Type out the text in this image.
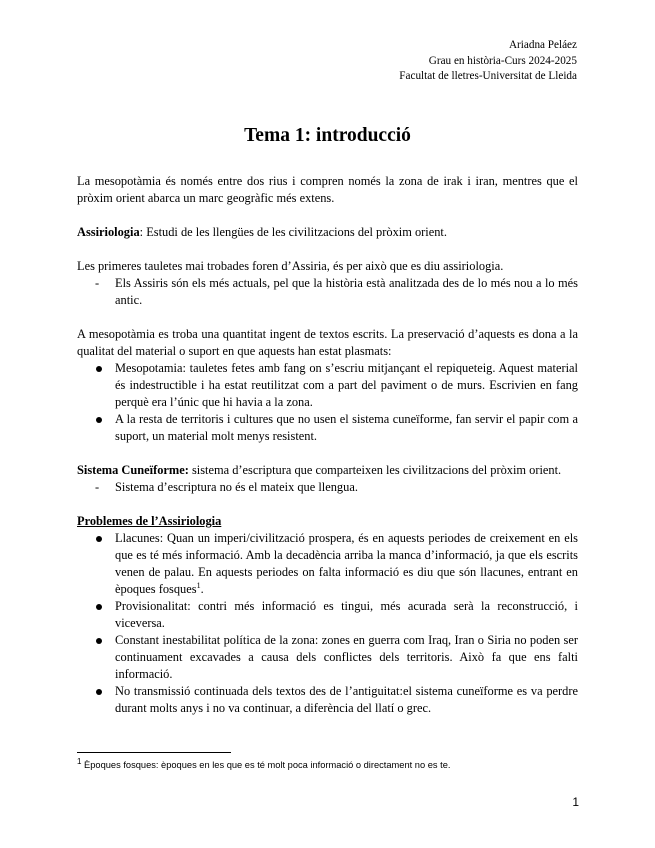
Ariadna Peláez
Grau en història-Curs 2024-2025
Facultat de lletres-Universitat de Lleida
Tema 1: introducció

La mesopotàmia és només entre dos rius i compren només la zona de irak i iran, mentres que el pròxim orient abarca un marc geogràfic més extens.

Assiriologia: Estudi de les llengües de les civilitzacions del pròxim orient.

Les primeres tauletes mai trobades foren d’Assiria, és per això que es diu assiriologia.

- Els Assiris són els més actuals, pel que la història està analitzada des de lo més nou a lo més antic.

A mesopotàmia es troba una quantitat ingent de textos escrits. La preservació d’aquests es dona a la qualitat del material o suport en que aquests han estat plasmats:

Mesopotamia: tauletes fetes amb fang on s’escriu mitjançant el repiqueteig. Aquest material és indestructible i ha estat reutilitzat com a part del paviment o de murs. Escrivien en fang perquè era l’únic que hi havia a la zona.
A la resta de territoris i cultures que no usen el sistema cuneïforme, fan servir el papir com a suport, un material molt menys resistent.

Sistema Cuneïforme: sistema d’escriptura que comparteixen les civilitzacions del pròxim orient.

- Sistema d’escriptura no és el mateix que llengua.

Problemes de l’Assiriologia

Llacunes: Quan un imperi/civilització prospera, és en aquests periodes de creixement en els que es té més informació. Amb la decadència arriba la manca d’informació, ja que els escrits venen de palau. En aquests periodes on falta informació es diu que són llacunes, entrant en èpoques fosques$^1$.
Provisionalitat: contri més informació es tingui, més acurada serà la reconstrucció, i viceversa.
Constant inestabilitat política de la zona: zones en guerra com Iraq, Iran o Siria no poden ser continuament excavades a causa dels conflictes dels territoris. Això fa que ens falti informació.
No transmissió continuada dels textos des de l’antiguitat:el sistema cuneïforme es va perdre durant molts anys i no va continuar, a diferència del llatí o grec.
$^1$ Èpoques fosques: èpoques en les que es té molt poca informació o directament no es te.
1
